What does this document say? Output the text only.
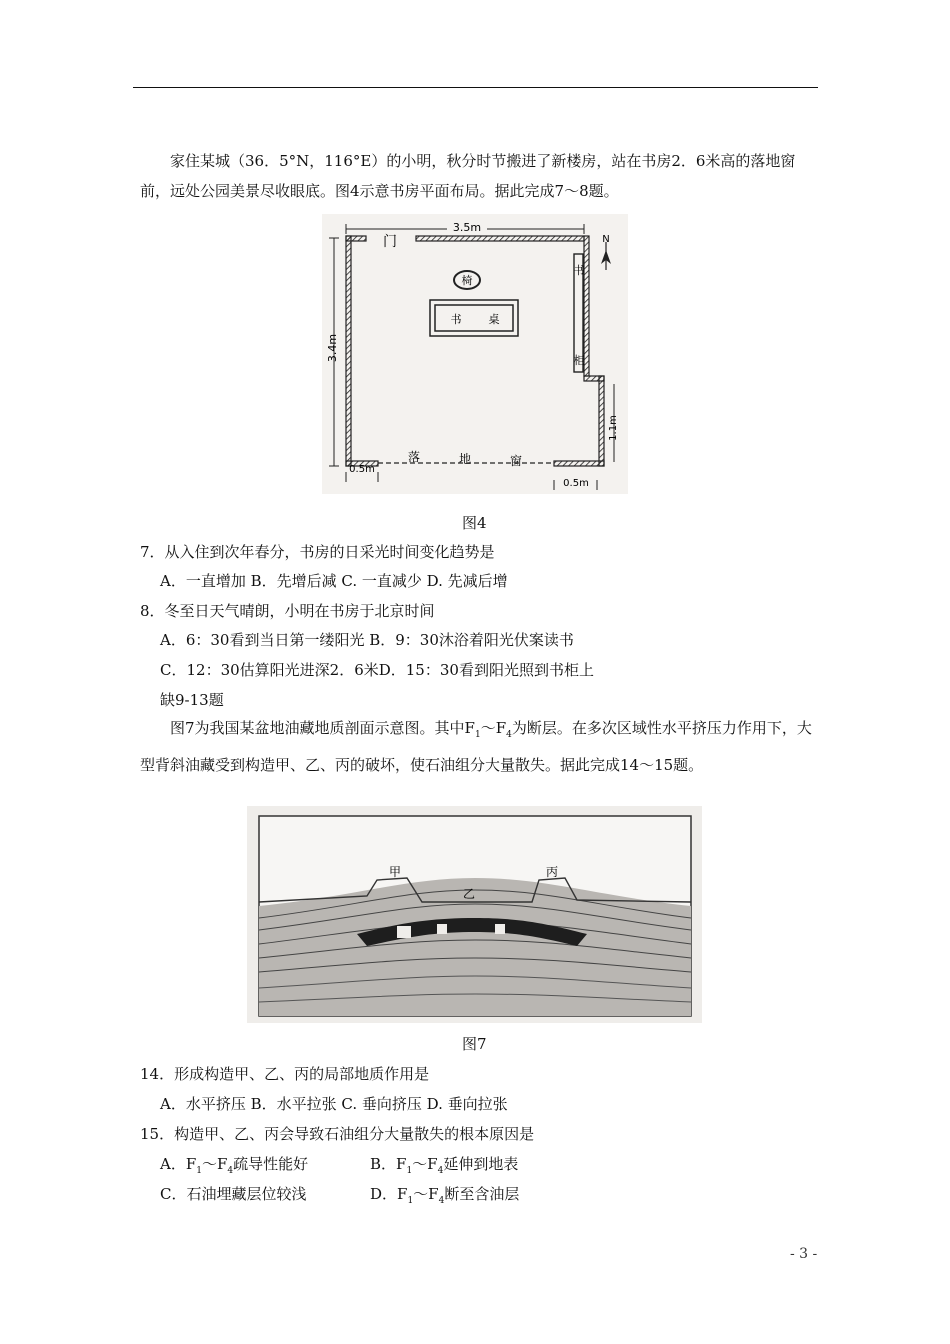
家住某城（36．5°N，116°E）的小明，秋分时节搬进了新楼房，站在书房2．6米高的落地窗前，远处公园美景尽收眼底。图4示意书房平面布局。据此完成7～8题。

3.5m
3.4m
门
书
柜
N
椅
书 桌
落	地	窗
1.1m
0.5m
0.5m
图4
7．从入住到次年春分，书房的日采光时间变化趋势是
A．一直增加 B．先增后减 C. 一直减少 D. 先减后增
8．冬至日天气晴朗，小明在书房于北京时间
A．6：30看到当日第一缕阳光 B．9：30沐浴着阳光伏案读书
C．12：30估算阳光进深2．6米D．15：30看到阳光照到书柜上
缺9-13题

图7为我国某盆地油藏地质剖面示意图。其中$F_1\sim F_4$为断层。在多次区域性水平挤压力作用下，大型背斜油藏受到构造甲、乙、丙的破坏，使石油组分大量散失。据此完成14～15题。

甲
乙
丙
图7
14．形成构造甲、乙、丙的局部地质作用是
A．水平挤压 B．水平拉张 C. 垂向挤压 D. 垂向拉张
15．构造甲、乙、丙会导致石油组分大量散失的根本原因是
A．$F_1\sim F_4$疏导性能好	B．$F_1\sim F_4$延伸到地表
C．石油埋藏层位较浅	D．$F_1\sim F_4$断至含油层
- 3 -
